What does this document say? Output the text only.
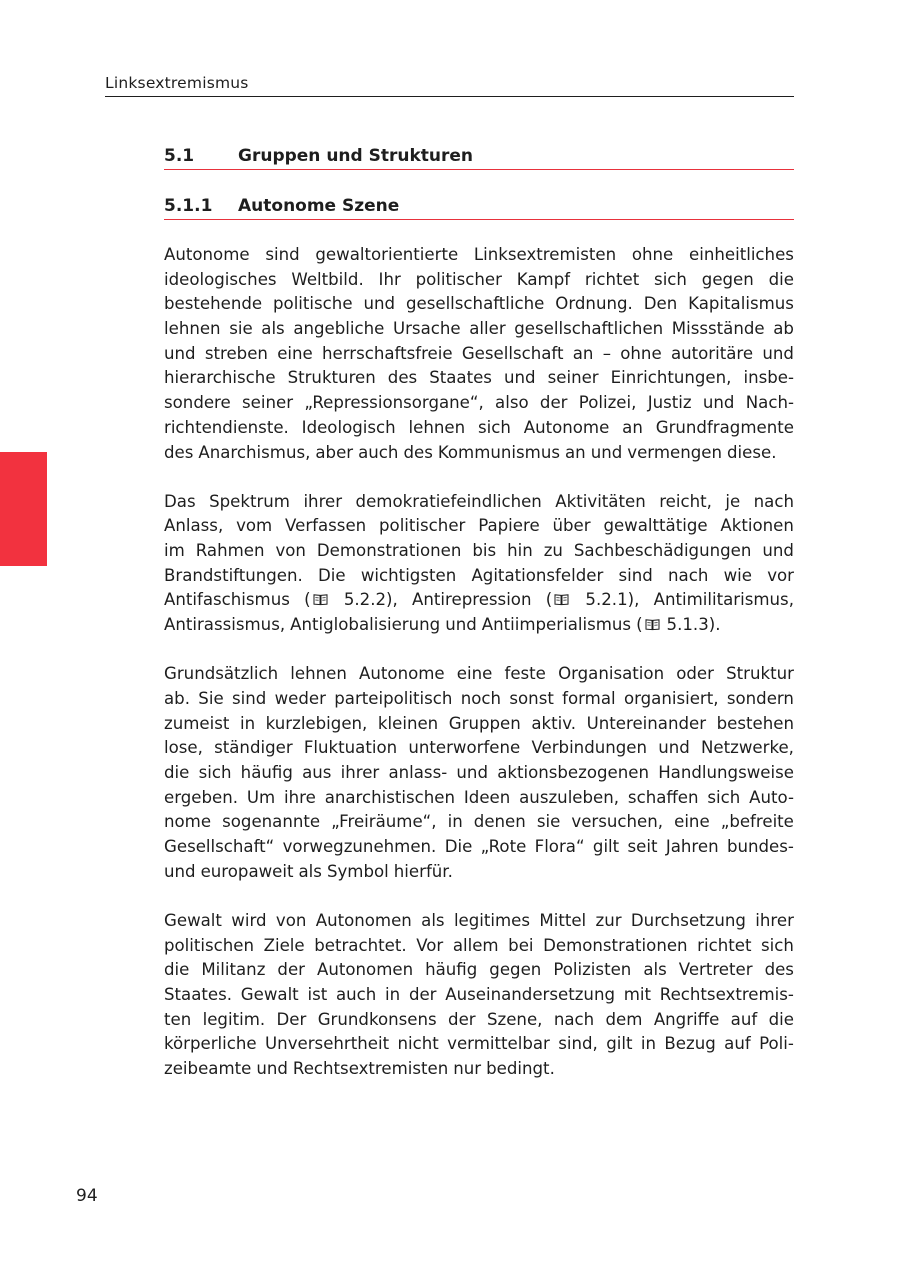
Linksextremismus
5.1	Gruppen und Strukturen
5.1.1	Autonome Szene
Autonome sind gewaltorientierte Linksextremisten ohne einheitliches
ideologisches Weltbild. Ihr politischer Kampf richtet sich gegen die
bestehende politische und gesellschaftliche Ordnung. Den Kapitalismus
lehnen sie als angebliche Ursache aller gesellschaftlichen Missstände ab
und streben eine herrschaftsfreie Gesellschaft an – ohne autoritäre und
hierarchische Strukturen des Staates und seiner Einrichtungen, insbe-
sondere seiner „Repressionsorgane“, also der Polizei, Justiz und Nach-
richtendienste. Ideologisch lehnen sich Autonome an Grundfragmente
des Anarchismus, aber auch des Kommunismus an und vermengen diese.
Das Spektrum ihrer demokratiefeindlichen Aktivitäten reicht, je nach
Anlass, vom Verfassen politischer Papiere über gewalttätige Aktionen
im Rahmen von Demonstrationen bis hin zu Sachbeschädigungen und
Brandstiftungen. Die wichtigsten Agitationsfelder sind nach wie vor
Antifaschismus (	5.2.2), Antirepression (	5.2.1), Antimilitarismus,
Antirassismus, Antiglobalisierung und Antiimperialismus (	5.1.3).
Grundsätzlich lehnen Autonome eine feste Organisation oder Struktur
ab. Sie sind weder parteipolitisch noch sonst formal organisiert, sondern
zumeist in kurzlebigen, kleinen Gruppen aktiv. Untereinander bestehen
lose, ständiger Fluktuation unterworfene Verbindungen und Netzwerke,
die sich häufig aus ihrer anlass- und aktionsbezogenen Handlungsweise
ergeben. Um ihre anarchistischen Ideen auszuleben, schaffen sich Auto-
nome sogenannte „Freiräume“, in denen sie versuchen, eine „befreite
Gesellschaft“ vorwegzunehmen. Die „Rote Flora“ gilt seit Jahren bundes-
und europaweit als Symbol hierfür.
Gewalt wird von Autonomen als legitimes Mittel zur Durchsetzung ihrer
politischen Ziele betrachtet. Vor allem bei Demonstrationen richtet sich
die Militanz der Autonomen häufig gegen Polizisten als Vertreter des
Staates. Gewalt ist auch in der Auseinandersetzung mit Rechtsextremis-
ten legitim. Der Grundkonsens der Szene, nach dem Angriffe auf die
körperliche Unversehrtheit nicht vermittelbar sind, gilt in Bezug auf Poli-
zeibeamte und Rechtsextremisten nur bedingt.
94
